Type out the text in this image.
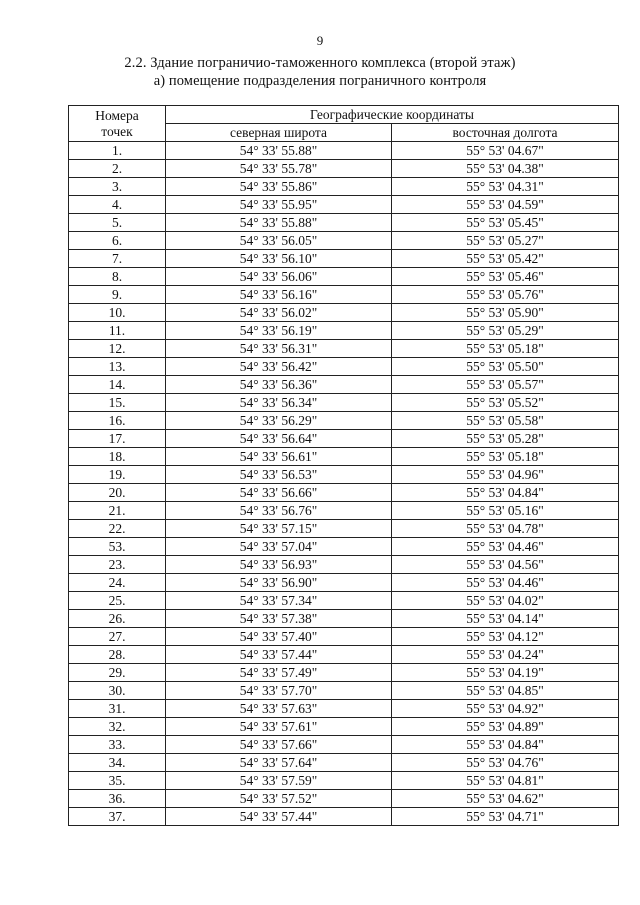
9
2.2. Здание пограничио-таможенного комплекса (второй этаж)
а) помещение подразделения пограничного контроля
Номера
точек	Географические координаты	
	северная широта	восточная долгота
1.	54° 33' 55.88"	55° 53' 04.67"
2.	54° 33' 55.78"	55° 53' 04.38"
3.	54° 33' 55.86"	55° 53' 04.31"
4.	54° 33' 55.95"	55° 53' 04.59"
5.	54° 33' 55.88"	55° 53' 05.45"
6.	54° 33' 56.05"	55° 53' 05.27"
7.	54° 33' 56.10"	55° 53' 05.42"
8.	54° 33' 56.06"	55° 53' 05.46"
9.	54° 33' 56.16"	55° 53' 05.76"
10.	54° 33' 56.02"	55° 53' 05.90"
11.	54° 33' 56.19"	55° 53' 05.29"
12.	54° 33' 56.31"	55° 53' 05.18"
13.	54° 33' 56.42"	55° 53' 05.50"
14.	54° 33' 56.36"	55° 53' 05.57"
15.	54° 33' 56.34"	55° 53' 05.52"
16.	54° 33' 56.29"	55° 53' 05.58"
17.	54° 33' 56.64"	55° 53' 05.28"
18.	54° 33' 56.61"	55° 53' 05.18"
19.	54° 33' 56.53"	55° 53' 04.96"
20.	54° 33' 56.66"	55° 53' 04.84"
21.	54° 33' 56.76"	55° 53' 05.16"
22.	54° 33' 57.15"	55° 53' 04.78"
53.	54° 33' 57.04"	55° 53' 04.46"
23.	54° 33' 56.93"	55° 53' 04.56"
24.	54° 33' 56.90"	55° 53' 04.46"
25.	54° 33' 57.34"	55° 53' 04.02"
26.	54° 33' 57.38"	55° 53' 04.14"
27.	54° 33' 57.40"	55° 53' 04.12"
28.	54° 33' 57.44"	55° 53' 04.24"
29.	54° 33' 57.49"	55° 53' 04.19"
30.	54° 33' 57.70"	55° 53' 04.85"
31.	54° 33' 57.63"	55° 53' 04.92"
32.	54° 33' 57.61"	55° 53' 04.89"
33.	54° 33' 57.66"	55° 53' 04.84"
34.	54° 33' 57.64"	55° 53' 04.76"
35.	54° 33' 57.59"	55° 53' 04.81"
36.	54° 33' 57.52"	55° 53' 04.62"
37.	54° 33' 57.44"	55° 53' 04.71"
